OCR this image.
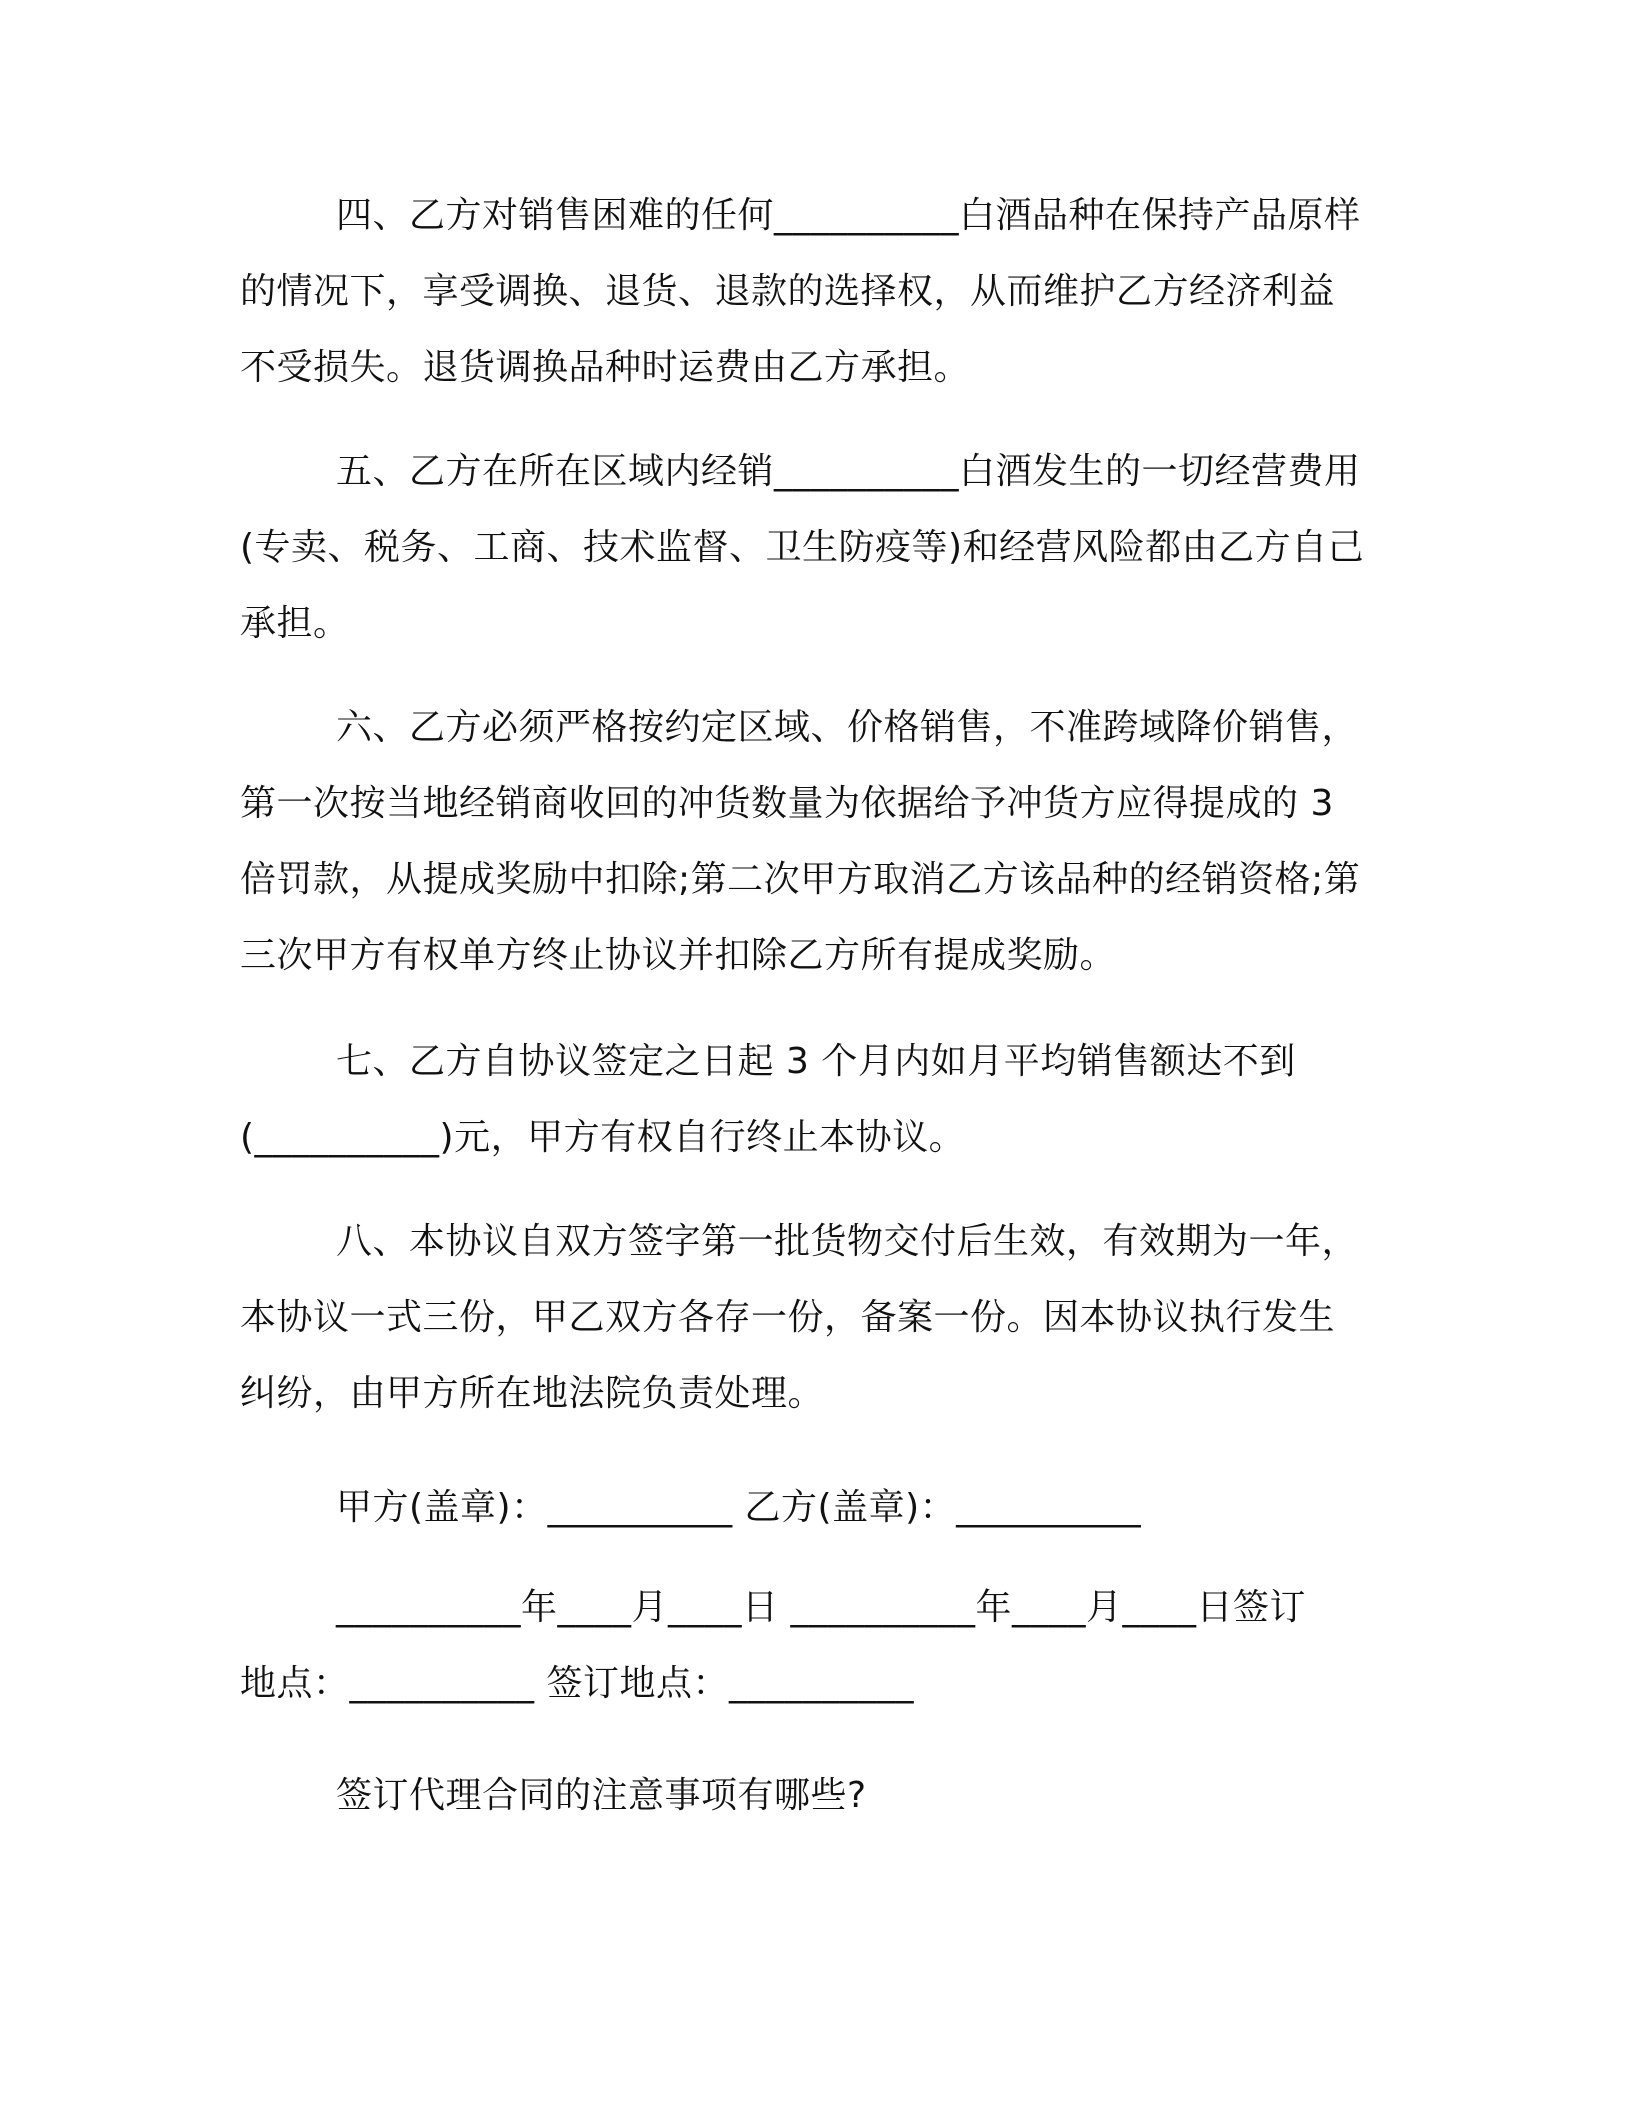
四、乙方对销售困难的任何__________白酒品种在保持产品原样
的情况下，享受调换、退货、退款的选择权，从而维护乙方经济利益
不受损失。退货调换品种时运费由乙方承担。
五、乙方在所在区域内经销__________白酒发生的一切经营费用
(专卖、税务、工商、技术监督、卫生防疫等)和经营风险都由乙方自己
承担。
六、乙方必须严格按约定区域、价格销售，不准跨域降价销售，
第一次按当地经销商收回的冲货数量为依据给予冲货方应得提成的 3
倍罚款，从提成奖励中扣除;第二次甲方取消乙方该品种的经销资格;第
三次甲方有权单方终止协议并扣除乙方所有提成奖励。
七、乙方自协议签定之日起 3 个月内如月平均销售额达不到
(__________)元，甲方有权自行终止本协议。
八、本协议自双方签字第一批货物交付后生效，有效期为一年，
本协议一式三份，甲乙双方各存一份，备案一份。因本协议执行发生
纠纷，由甲方所在地法院负责处理。
甲方(盖章)：__________ 乙方(盖章)：__________
__________年____月____日 __________年____月____日签订
地点：__________ 签订地点：__________
签订代理合同的注意事项有哪些?
